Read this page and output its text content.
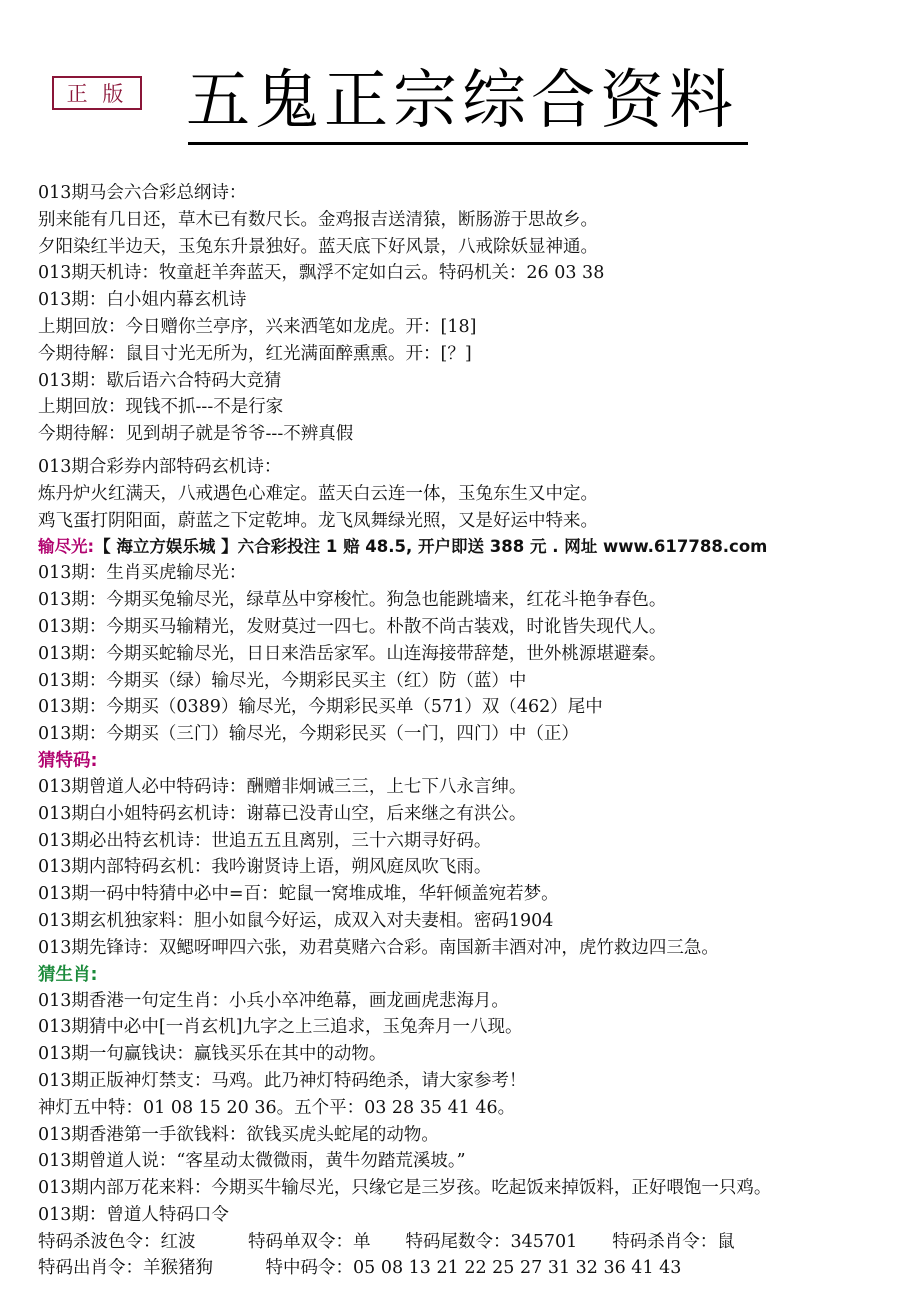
正 版 五鬼正宗综合资料
013期马会六合彩总纲诗：
别来能有几日还，草木已有数尺长。金鸡报吉送清猿，断肠游于思故乡。
夕阳染红半边天，玉兔东升景独好。蓝天底下好风景，八戒除妖显神通。
013期天机诗：牧童赶羊奔蓝天，飘浮不定如白云。特码机关：26 03 38
013期：白小姐内幕玄机诗
上期回放：今日赠你兰亭序，兴来洒笔如龙虎。开：[18]
今期待解：鼠目寸光无所为，红光满面醉熏熏。开：[？]
013期：歇后语六合特码大竞猜
上期回放：现钱不抓---不是行家
今期待解：见到胡子就是爷爷---不辨真假
013期合彩券内部特码玄机诗：
炼丹炉火红满天，八戒遇色心难定。蓝天白云连一体，玉兔东生又中定。
鸡飞蛋打阴阳面，蔚蓝之下定乾坤。龙飞凤舞绿光照，又是好运中特来。
输尽光:【 海立方娱乐城 】六合彩投注 1 赔 48.5, 开户即送 388 元 . 网址 www.617788.com
013期：生肖买虎输尽光：
013期：今期买兔输尽光，绿草丛中穿梭忙。狗急也能跳墙来，红花斗艳争春色。
013期：今期买马输精光，发财莫过一四七。朴散不尚古装戏，时讹皆失现代人。
013期：今期买蛇输尽光，日日来浩岳家军。山连海接带辞楚，世外桃源堪避秦。
013期：今期买（绿）输尽光，今期彩民买主（红）防（蓝）中
013期：今期买（0389）输尽光，今期彩民买单（571）双（462）尾中
013期：今期买（三门）输尽光，今期彩民买（一门，四门）中（正）
猜特码:
013期曾道人必中特码诗：酬赠非炯诫三三，上七下八永言绅。
013期白小姐特码玄机诗：谢幕已没青山空，后来继之有洪公。
013期必出特玄机诗：世追五五且离别，三十六期寻好码。
013期内部特码玄机：我吟谢贤诗上语，朔风庭凤吹飞雨。
013期一码中特猜中必中=百：蛇鼠一窝堆成堆，华轩倾盖宛若梦。
013期玄机独家料：胆小如鼠今好运，成双入对夫妻相。密码1904
013期先锋诗：双鳃呀呷四六张，劝君莫赌六合彩。南国新丰酒对冲，虎竹救边四三急。
猜生肖:
013期香港一句定生肖：小兵小卒冲绝幕，画龙画虎悲海月。
013期猜中必中[一肖玄机]九字之上三追求，玉兔奔月一八现。
013期一句赢钱诀：赢钱买乐在其中的动物。
013期正版神灯禁支：马鸡。此乃神灯特码绝杀，请大家参考！
神灯五中特：01 08 15 20 36。五个平：03 28 35 41 46。
013期香港第一手欲钱料：欲钱买虎头蛇尾的动物。
013期曾道人说：“客星动太微微雨，黄牛勿踏荒溪坡。”
013期内部万花来料：今期买牛输尽光，只缘它是三岁孩。吃起饭来掉饭料，正好喂饱一只鸡。
013期：曾道人特码口令
特码杀波色令：红波　　　特码单双令：单　　特码尾数令：345701　　特码杀肖令：鼠
特码出肖令：羊猴猪狗　　　特中码令：05 08 13 21 22 25 27 31 32 36 41 43
